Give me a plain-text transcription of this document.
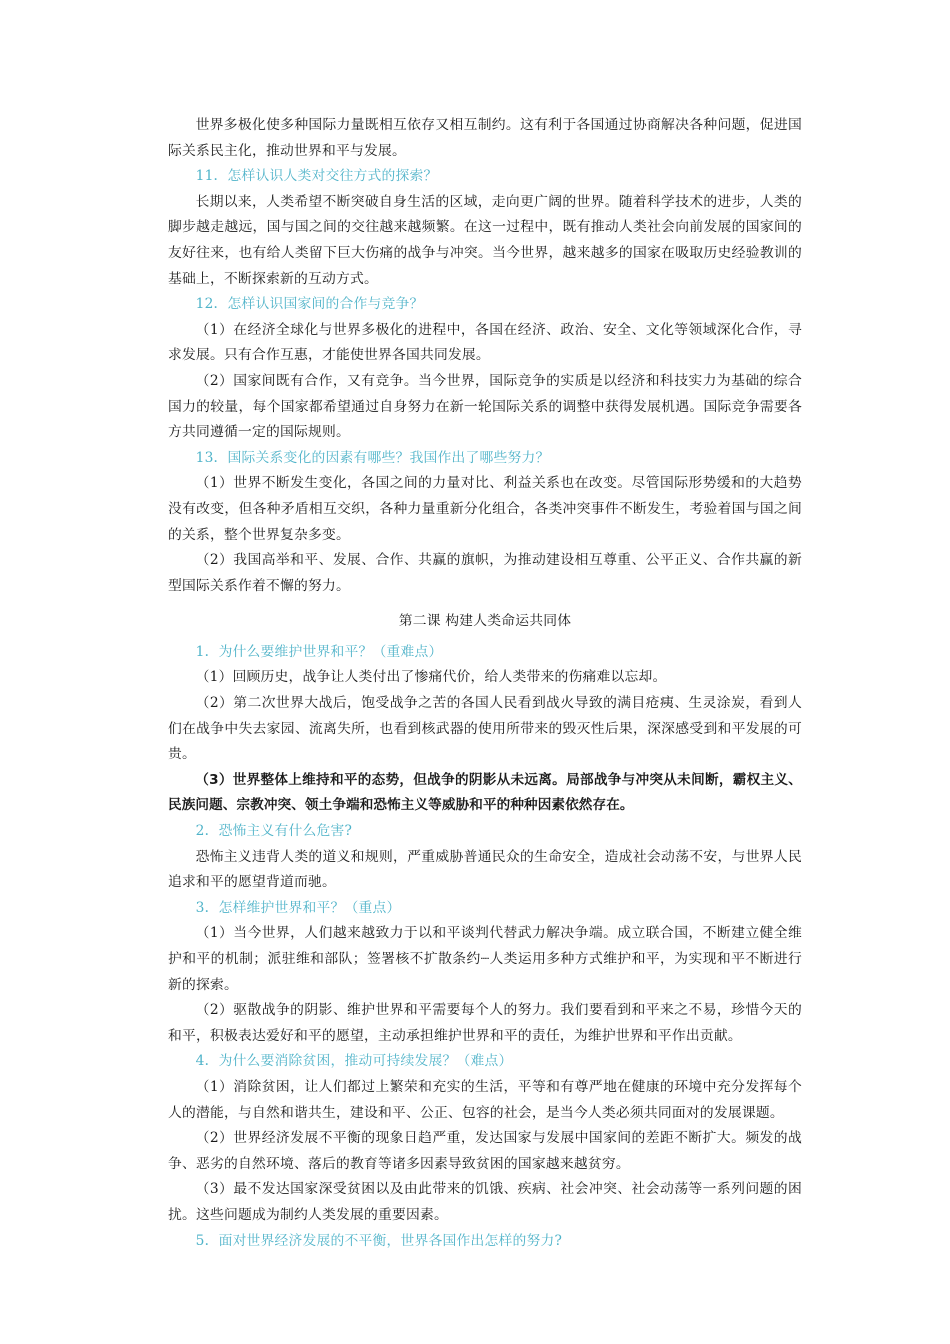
世界多极化使多种国际力量既相互依存又相互制约。这有利于各国通过协商解决各种问题，促进国际关系民主化，推动世界和平与发展。

11．怎样认识人类对交往方式的探索？

长期以来，人类希望不断突破自身生活的区域，走向更广阔的世界。随着科学技术的进步，人类的脚步越走越远，国与国之间的交往越来越频繁。在这一过程中，既有推动人类社会向前发展的国家间的友好往来，也有给人类留下巨大伤痛的战争与冲突。当今世界，越来越多的国家在吸取历史经验教训的基础上，不断探索新的互动方式。

12．怎样认识国家间的合作与竞争？

（1）在经济全球化与世界多极化的进程中，各国在经济、政治、安全、文化等领域深化合作，寻求发展。只有合作互惠，才能使世界各国共同发展。

（2）国家间既有合作，又有竞争。当今世界，国际竞争的实质是以经济和科技实力为基础的综合国力的较量，每个国家都希望通过自身努力在新一轮国际关系的调整中获得发展机遇。国际竞争需要各方共同遵循一定的国际规则。

13．国际关系变化的因素有哪些？我国作出了哪些努力？

（1）世界不断发生变化，各国之间的力量对比、利益关系也在改变。尽管国际形势缓和的大趋势没有改变，但各种矛盾相互交织，各种力量重新分化组合，各类冲突事件不断发生，考验着国与国之间的关系，整个世界复杂多变。

（2）我国高举和平、发展、合作、共赢的旗帜，为推动建设相互尊重、公平正义、合作共赢的新型国际关系作着不懈的努力。

第二课 构建人类命运共同体

1．为什么要维护世界和平？（重难点）

（1）回顾历史，战争让人类付出了惨痛代价，给人类带来的伤痛难以忘却。

（2）第二次世界大战后，饱受战争之苦的各国人民看到战火导致的满目疮痍、生灵涂炭，看到人们在战争中失去家园、流离失所，也看到核武器的使用所带来的毁灭性后果，深深感受到和平发展的可贵。

（3）世界整体上维持和平的态势，但战争的阴影从未远离。局部战争与冲突从未间断，霸权主义、民族问题、宗教冲突、领土争端和恐怖主义等威胁和平的种种因素依然存在。

2．恐怖主义有什么危害?

恐怖主义违背人类的道义和规则，严重威胁普通民众的生命安全，造成社会动荡不安，与世界人民追求和平的愿望背道而驰。

3．怎样维护世界和平？（重点）

（1）当今世界，人们越来越致力于以和平谈判代替武力解决争端。成立联合国，不断建立健全维护和平的机制；派驻维和部队；签署核不扩散条约┈人类运用多种方式维护和平，为实现和平不断进行新的探索。

（2）驱散战争的阴影、维护世界和平需要每个人的努力。我们要看到和平来之不易，珍惜今天的和平，积极表达爱好和平的愿望，主动承担维护世界和平的责任，为维护世界和平作出贡献。

4．为什么要消除贫困，推动可持续发展？（难点）

（1）消除贫困，让人们都过上繁荣和充实的生活，平等和有尊严地在健康的环境中充分发挥每个人的潜能，与自然和谐共生，建设和平、公正、包容的社会，是当今人类必须共同面对的发展课题。

（2）世界经济发展不平衡的现象日趋严重，发达国家与发展中国家间的差距不断扩大。频发的战争、恶劣的自然环境、落后的教育等诸多因素导致贫困的国家越来越贫穷。

（3）最不发达国家深受贫困以及由此带来的饥饿、疾病、社会冲突、社会动荡等一系列问题的困扰。这些问题成为制约人类发展的重要因素。

5．面对世界经济发展的不平衡，世界各国作出怎样的努力?
